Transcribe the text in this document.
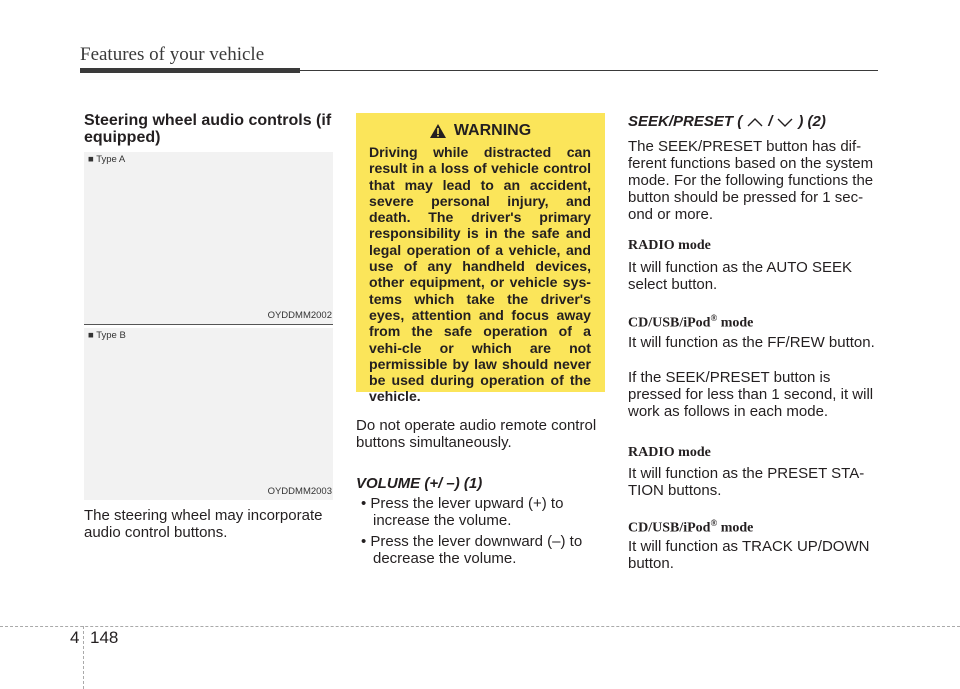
Features of your vehicle
Steering wheel audio controls (if equipped)
■ Type A
OYDDMM2002
■ Type B
OYDDMM2003
The steering wheel may incorporate audio control buttons.
WARNING
Driving while distracted can result in a loss of vehicle control that may lead to an accident, severe personal injury, and death. The driver's primary responsibility is in the safe and legal operation of a vehicle, and use of any handheld devices, other equipment, or vehicle sys-tems which take the driver's eyes, attention and focus away from the safe operation of a vehi-cle or which are not permissible by law should never be used during operation of the vehicle.
Do not operate audio remote control buttons simultaneously.
VOLUME (+/ –) (1)
• Press the lever upward (+) to increase the volume.
• Press the lever downward (–) to decrease the volume.
SEEK/PRESET ( / ) (2)
The SEEK/PRESET button has dif-ferent functions based on the system mode. For the following functions the button should be pressed for 1 sec-ond or more.
RADIO mode
It will function as the AUTO SEEK select button.
CD/USB/iPod® mode
It will function as the FF/REW button.
If the SEEK/PRESET button is pressed for less than 1 second, it will work as follows in each mode.
RADIO mode
It will function as the PRESET STA-TION buttons.
CD/USB/iPod® mode
It will function as TRACK UP/DOWN button.
4 148
